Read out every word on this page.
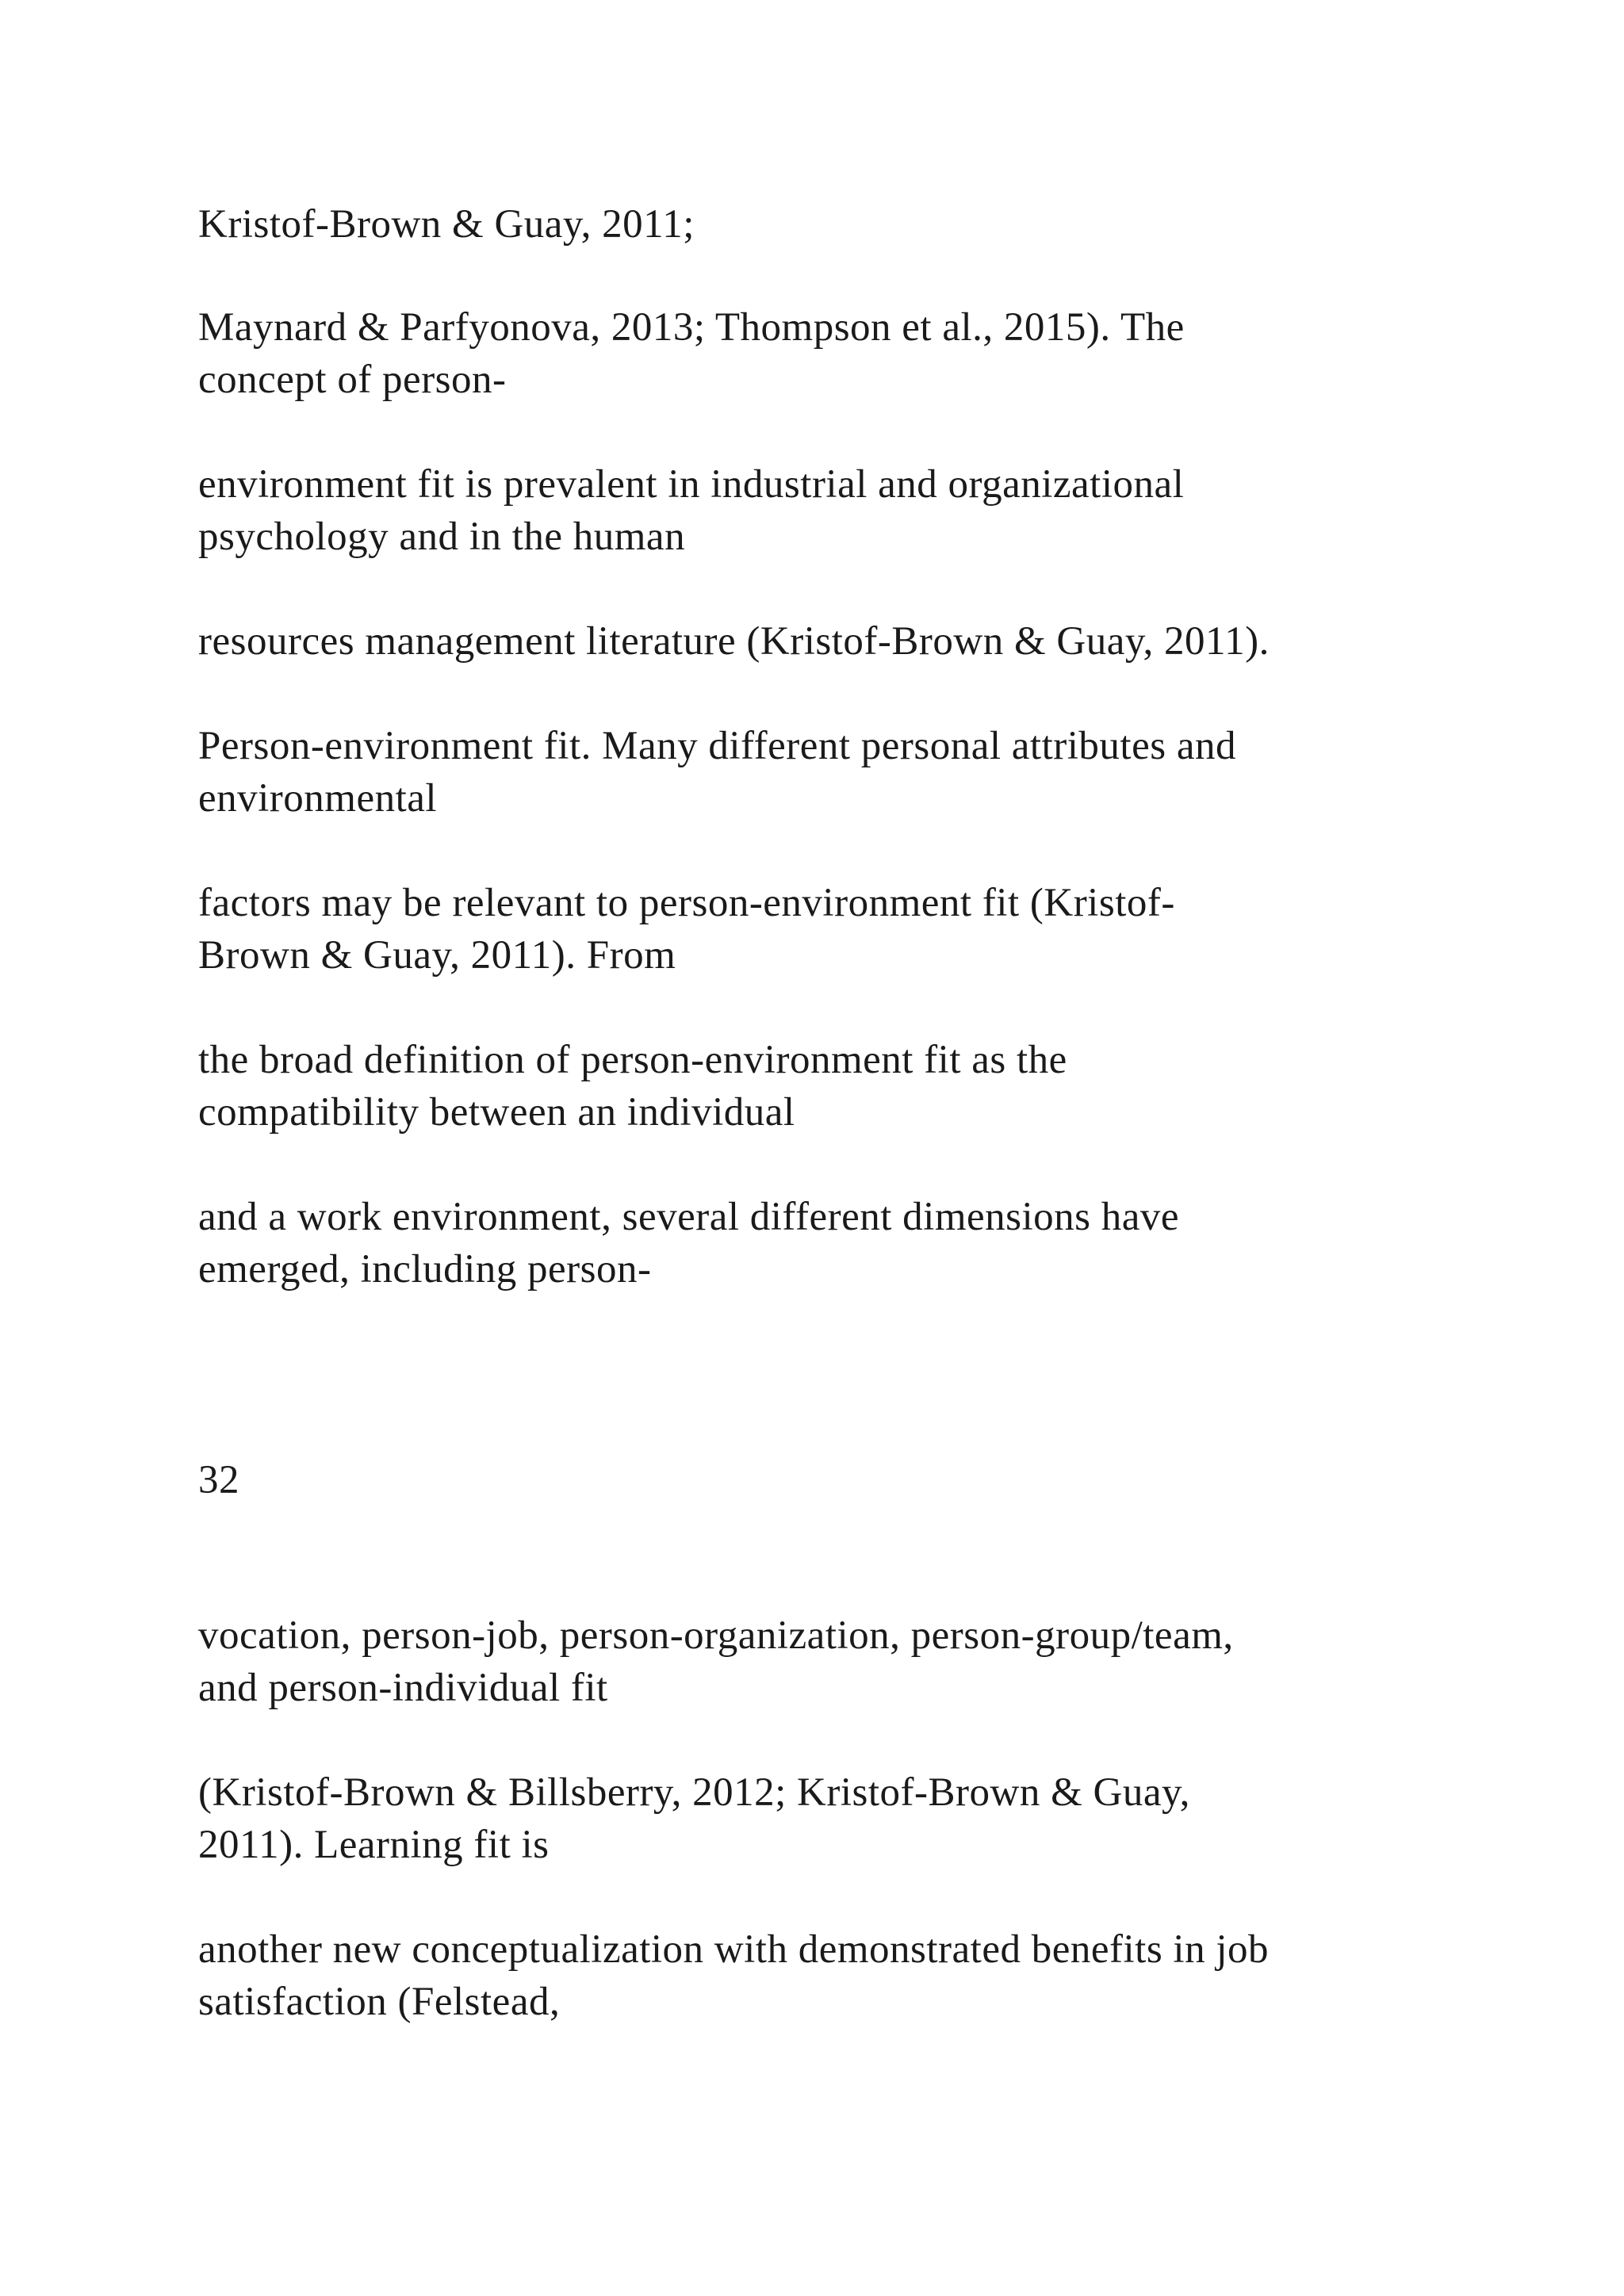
Kristof-Brown & Guay, 2011;

Maynard & Parfyonova, 2013; Thompson et al., 2015). The
concept of person-

environment fit is prevalent in industrial and organizational
psychology and in the human

resources management literature (Kristof-Brown & Guay, 2011).

Person-environment fit. Many different personal attributes and
environmental

factors may be relevant to person-environment fit (Kristof-
Brown & Guay, 2011). From

the broad definition of person-environment fit as the
compatibility between an individual

and a work environment, several different dimensions have
emerged, including person-

32

vocation, person-job, person-organization, person-group/team,
and person-individual fit

(Kristof-Brown & Billsberry, 2012; Kristof-Brown & Guay,
2011). Learning fit is

another new conceptualization with demonstrated benefits in job
satisfaction (Felstead,
